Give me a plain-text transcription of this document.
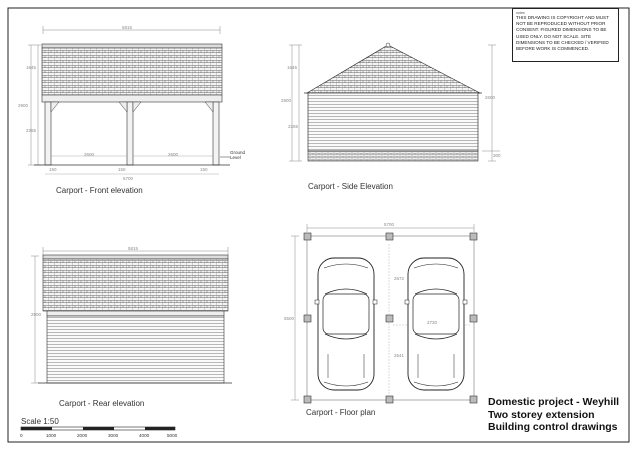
notes
THIS DRAWING IS COPYRIGHT AND MUST NOT BE REPRODUCED WITHOUT PRIOR CONSENT. FIGURED DIMENSIONS TO BE USED ONLY. DO NOT SCALE. SITE DIMENSIONS TO BE CHECKED / VERIFIED BEFORE WORK IS COMMENCED.
5815
1645
2900
2255
2600	2600
150	150	150
5700
Ground
Level
Carport - Front elevation
1645
2900
2255
2600
300
Carport - Side Elevation
5815
2900
Carport - Rear elevation
5700
5500
2672
2730
2641
Carport - Floor plan
Scale 1:50
0	1000	2000	3000	4000	5000
Domestic project - Weyhill
Two storey extension
Building control drawings
